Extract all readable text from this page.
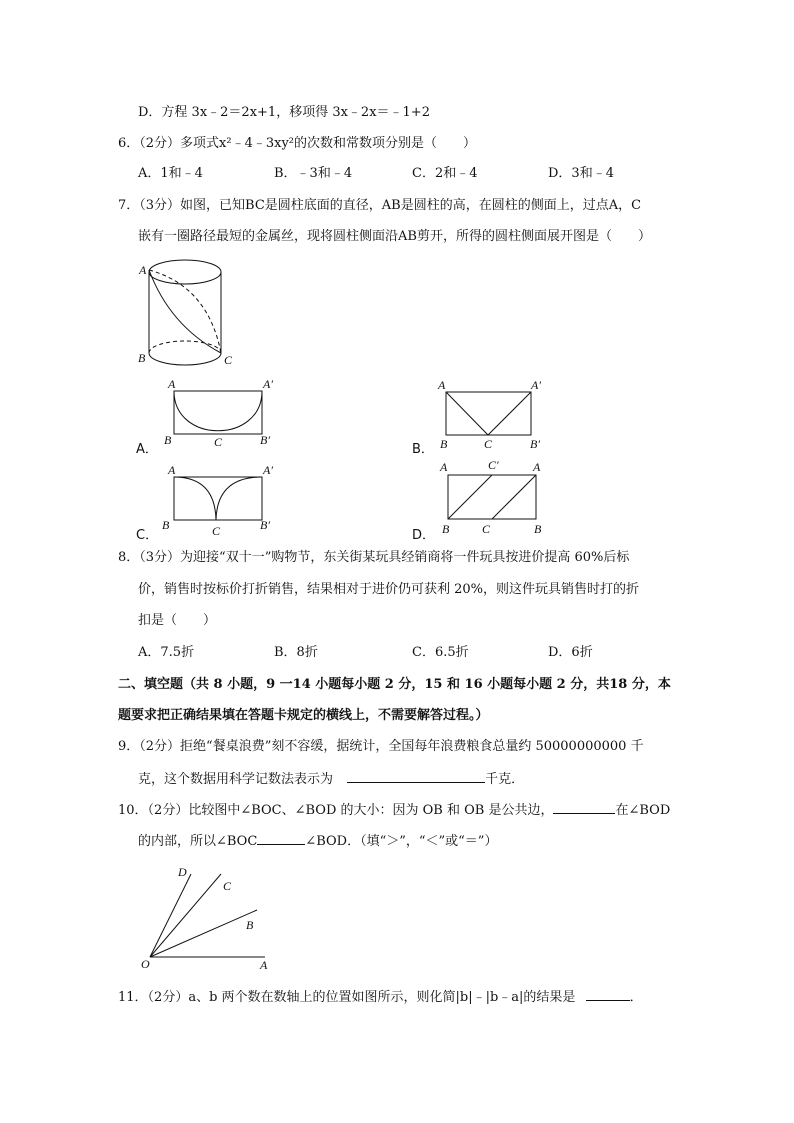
D．方程 3x﹣2＝2x+1，移项得 3x﹣2x＝﹣1+2
6．（2分）多项式x²﹣4﹣3xy²的次数和常数项分别是（　　）
A．1和﹣4	B．﹣3和﹣4	C．2和﹣4	D．3和﹣4
7．（3分）如图，已知BC是圆柱底面的直径，AB是圆柱的高，在圆柱的侧面上，过点A，C
嵌有一圈路径最短的金属丝，现将圆柱侧面沿AB剪开，所得的圆柱侧面展开图是（　　）
A
B	C
A．
A	A′
B	C	B′
B．
A	A′
B	C	B′
C．
A	A′
B	C	B′
D．
A	C′	A
B	C	B
8．（3分）为迎接“双十一”购物节，东关街某玩具经销商将一件玩具按进价提高 60%后标
价，销售时按标价打折销售，结果相对于进价仍可获利 20%，则这件玩具销售时打的折
扣是（　　）
A．7.5折	B．8折	C．6.5折	D．6折
二、填空题（共 8 小题，9 一14 小题每小题 2 分，15 和 16 小题每小题 2 分，共18 分，本
题要求把正确结果填在答题卡规定的横线上，不需要解答过程。）
9．（2分）拒绝“餐桌浪费”刻不容缓，据统计，全国每年浪费粮食总量约 50000000000 千
克，这个数据用科学记数法表示为	千克．
10．（2分）比较图中∠BOC、∠BOD 的大小：因为 OB 和 OB 是公共边，	在∠BOD
的内部，所以∠BOC	∠BOD．（填“＞”，“＜”或“＝”）
D
C
B
O	A
11．（2分）a、b 两个数在数轴上的位置如图所示，则化简|b|﹣|b﹣a|的结果是	．
